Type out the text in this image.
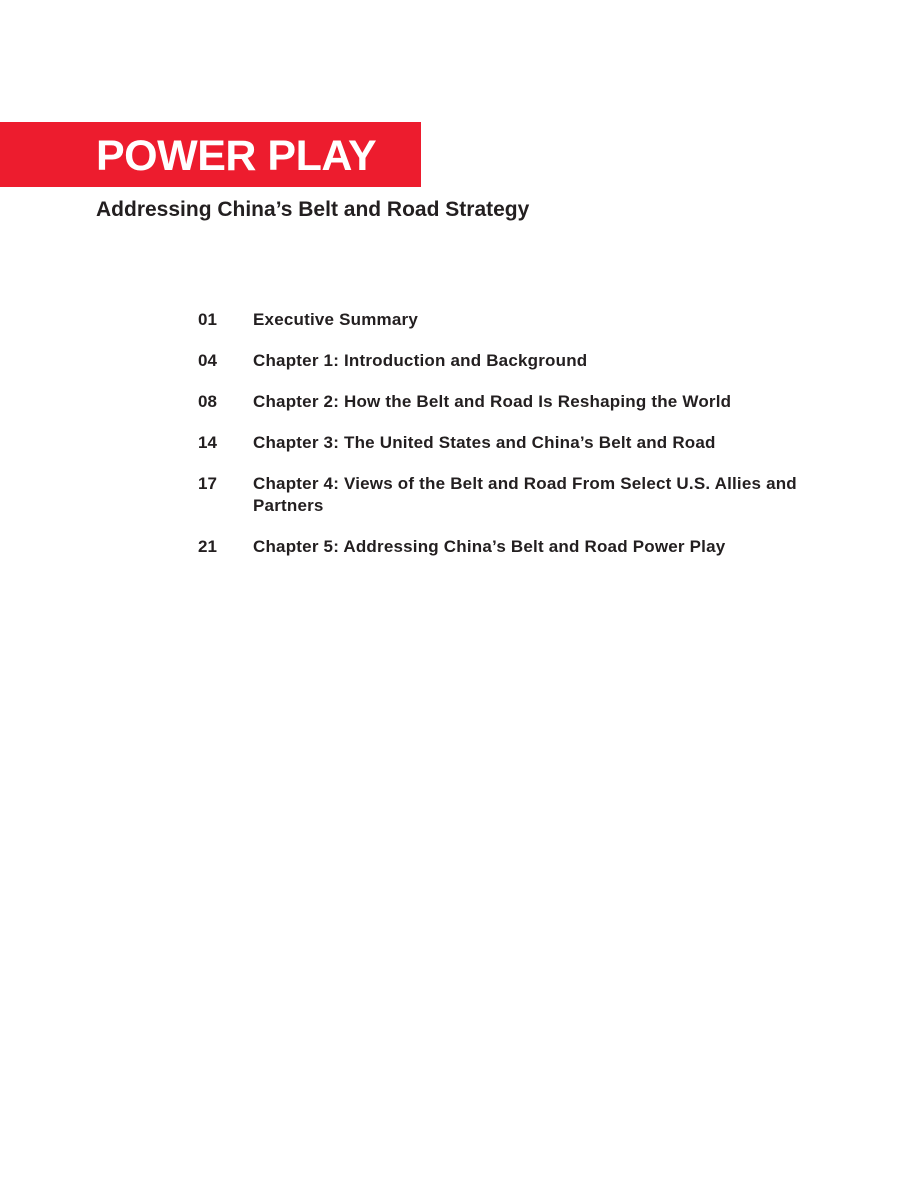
POWER PLAY
Addressing China’s Belt and Road Strategy
01	Executive Summary
04	Chapter 1: Introduction and Background
08	Chapter 2: How the Belt and Road Is Reshaping the World
14	Chapter 3: The United States and China’s Belt and Road
17	Chapter 4: Views of the Belt and Road From Select U.S. Allies and Partners
21	Chapter 5: Addressing China’s Belt and Road Power Play
